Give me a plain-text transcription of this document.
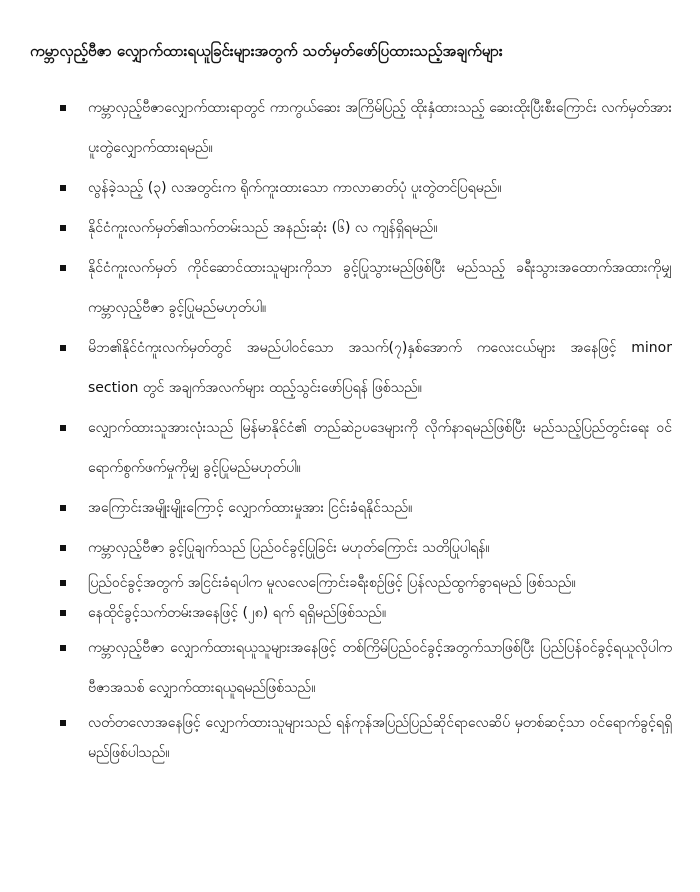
ကမ္ဘာလှည့်ဗီဇာ လျှောက်ထားရယူခြင်းများအတွက် သတ်မှတ်ဖော်ပြထားသည့်အချက်များ
ကမ္ဘာလှည့်ဗီဇာလျှောက်ထားရာတွင် ကာကွယ်ဆေး အကြိမ်ပြည့် ထိုးနှံထားသည့် ဆေးထိုးပြီးစီးကြောင်း လက်မှတ်အား ပူးတွဲလျှောက်ထားရမည်။
လွန်ခဲ့သည့် (၃) လအတွင်းက ရိုက်ကူးထားသော ကာလာဓာတ်ပုံ ပူးတွဲတင်ပြရမည်။
နိုင်ငံကူးလက်မှတ်၏သက်တမ်းသည် အနည်းဆုံး (၆) လ ကျန်ရှိရမည်။
နိုင်ငံကူးလက်မှတ် ကိုင်ဆောင်ထားသူများကိုသာ ခွင့်ပြုသွားမည်ဖြစ်ပြီး မည်သည့် ခရီးသွားအထောက်အထားကိုမျှ ကမ္ဘာလှည့်ဗီဇာ ခွင့်ပြုမည်မဟုတ်ပါ။
မိဘ၏နိုင်ငံကူးလက်မှတ်တွင် အမည်ပါဝင်သော အသက်(၇)နှစ်အောက် ကလေးငယ်များ အနေဖြင့် minor section တွင် အချက်အလက်များ ထည့်သွင်းဖော်ပြရန် ဖြစ်သည်။
လျှောက်ထားသူအားလုံးသည် မြန်မာနိုင်ငံ၏ တည်ဆဲဥပဒေများကို လိုက်နာရမည်ဖြစ်ပြီး မည်သည့်ပြည်တွင်းရေး ဝင်ရောက်စွက်ဖက်မှုကိုမျှ ခွင့်ပြုမည်မဟုတ်ပါ။
အကြောင်းအမျိုးမျိုးကြောင့် လျှောက်ထားမှုအား ငြင်းခံရနိုင်သည်။
ကမ္ဘာလှည့်ဗီဇာ ခွင့်ပြုချက်သည် ပြည်ဝင်ခွင့်ပြုခြင်း မဟုတ်ကြောင်း သတိပြုပါရန်။
ပြည်ဝင်ခွင့်အတွက် အငြင်းခံရပါက မူလလေကြောင်းခရီးစဉ်ဖြင့် ပြန်လည်ထွက်ခွာရမည် ဖြစ်သည်။
နေထိုင်ခွင့်သက်တမ်းအနေဖြင့် (၂၈) ရက် ရရှိမည်ဖြစ်သည်။
ကမ္ဘာလှည့်ဗီဇာ လျှောက်ထားရယူသူများအနေဖြင့် တစ်ကြိမ်ပြည်ဝင်ခွင့်အတွက်သာဖြစ်ပြီး ပြည်ပြန်ဝင်ခွင့်ရယူလိုပါက ဗီဇာအသစ် လျှောက်ထားရယူရမည်ဖြစ်သည်။
လတ်တလောအနေဖြင့် လျှောက်ထားသူများသည် ရန်ကုန်အပြည်ပြည်ဆိုင်ရာလေဆိပ် မှတစ်ဆင့်သာ ဝင်ရောက်ခွင့်ရရှိမည်ဖြစ်ပါသည်။
